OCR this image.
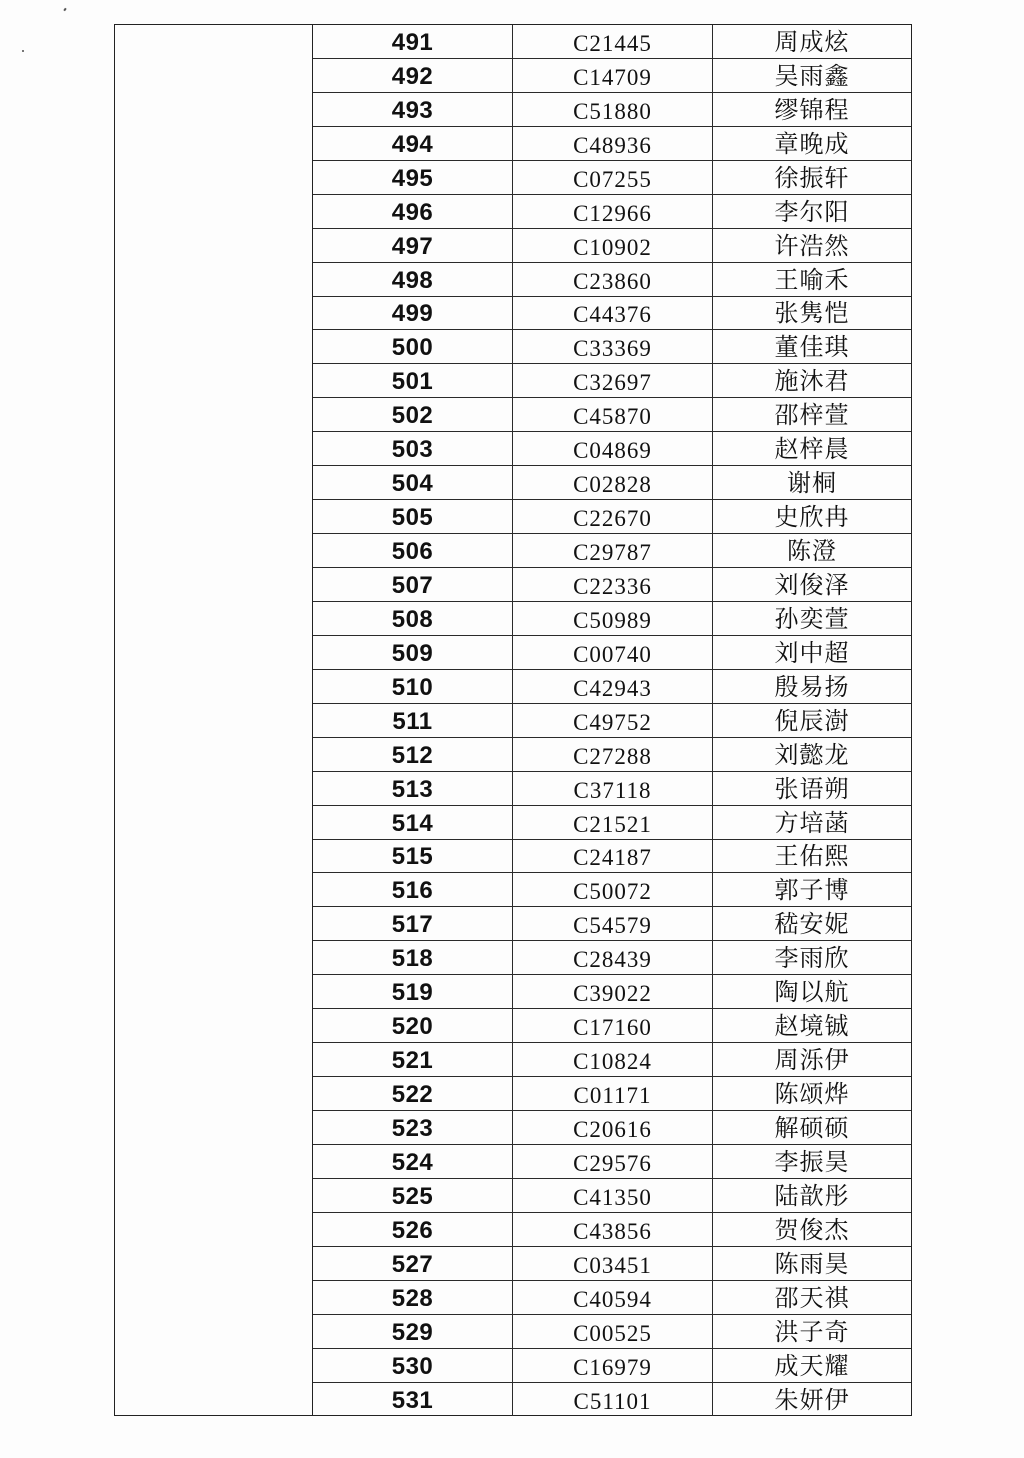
491	C21445	周成炫
492	C14709	吴雨鑫
493	C51880	缪锦程
494	C48936	章晚成
495	C07255	徐振轩
496	C12966	李尔阳
497	C10902	许浩然
498	C23860	王喻禾
499	C44376	张隽恺
500	C33369	董佳琪
501	C32697	施沐君
502	C45870	邵梓萱
503	C04869	赵梓晨
504	C02828	谢桐
505	C22670	史欣冉
506	C29787	陈澄
507	C22336	刘俊泽
508	C50989	孙奕萱
509	C00740	刘中超
510	C42943	殷易扬
511	C49752	倪辰澍
512	C27288	刘懿龙
513	C37118	张语朔
514	C21521	方培菡
515	C24187	王佑熙
516	C50072	郭子博
517	C54579	嵇安妮
518	C28439	李雨欣
519	C39022	陶以航
520	C17160	赵境铖
521	C10824	周泺伊
522	C01171	陈颂烨
523	C20616	解硕硕
524	C29576	李振昊
525	C41350	陆歆彤
526	C43856	贺俊杰
527	C03451	陈雨昊
528	C40594	邵天祺
529	C00525	洪子奇
530	C16979	成天耀
531	C51101	朱妍伊
